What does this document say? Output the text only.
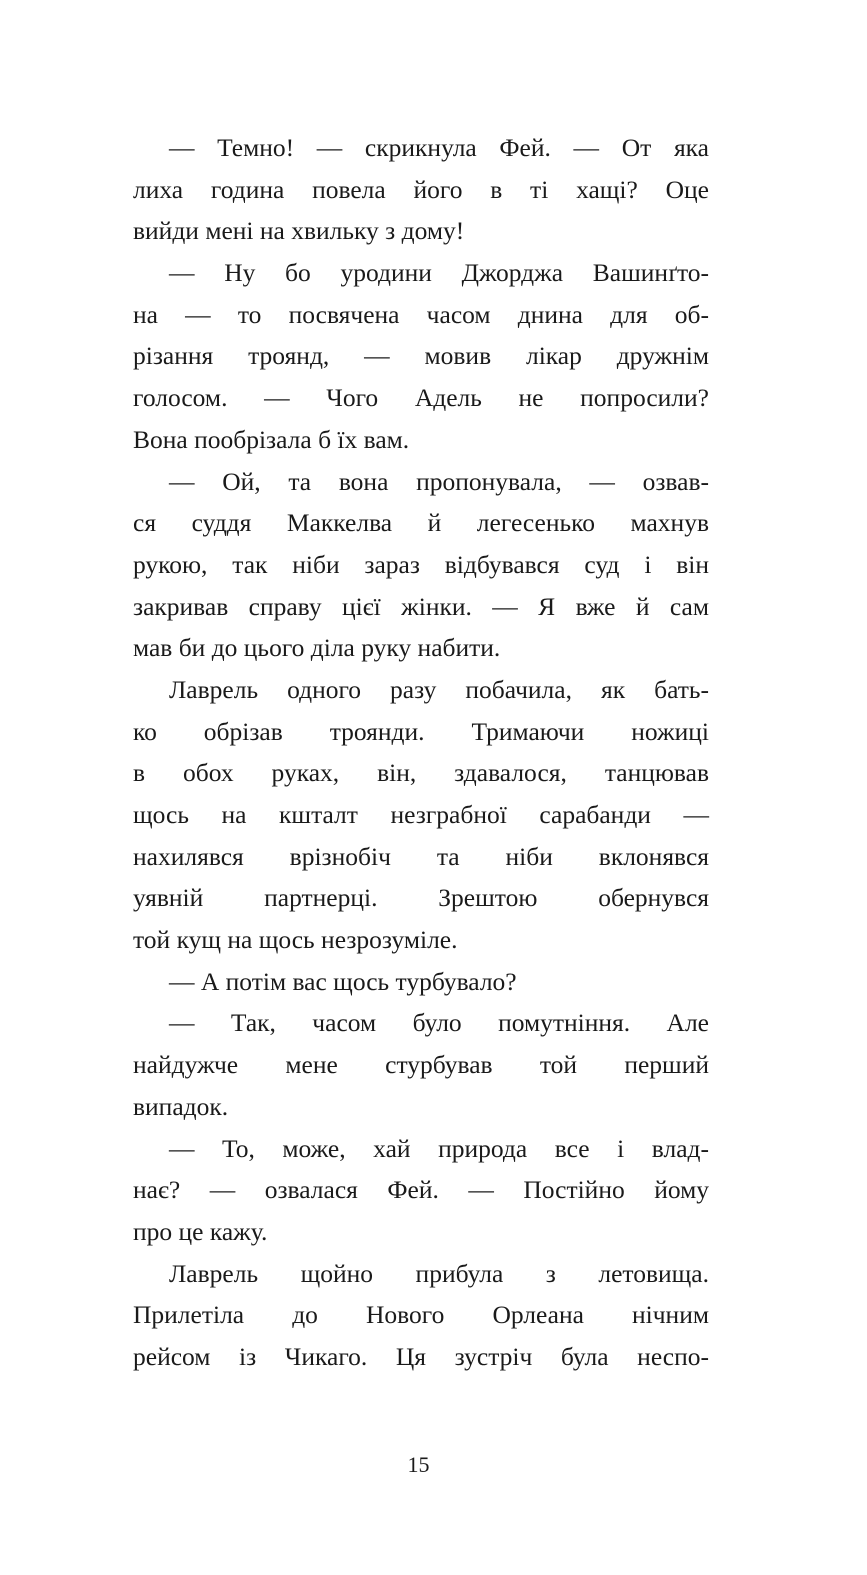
— Темно! — скрикнула Фей. — От яка
лиха година повела його в ті хащі? Оце
вийди мені на хвильку з дому!
— Ну бо уродини Джорджа Вашинґто-
на — то посвячена часом днина для об-
різання троянд, — мовив лікар дружнім
голосом. — Чого Адель не попросили?
Вона пообрізала б їх вам.
— Ой, та вона пропонувала, — озвав-
ся суддя Маккелва й легесенько махнув
рукою, так ніби зараз відбувався суд і він
закривав справу цієї жінки. — Я вже й сам
мав би до цього діла руку набити.
Лаврель одного разу побачила, як бать-
ко обрізав троянди. Тримаючи ножиці
в обох руках, він, здавалося, танцював
щось на кшталт незграбної сарабанди —
нахилявся врізнобіч та ніби вклонявся
уявній партнерці. Зрештою обернувся
той кущ на щось незрозуміле.
— А потім вас щось турбувало?
— Так, часом було помутніння. Але
найдужче мене стурбував той перший
випадок.
— То, може, хай природа все і влад-
нає? — озвалася Фей. — Постійно йому
про це кажу.
Лаврель щойно прибула з летовища.
Прилетіла до Нового Орлеана нічним
рейсом із Чикаго. Ця зустріч була неспо-
15
